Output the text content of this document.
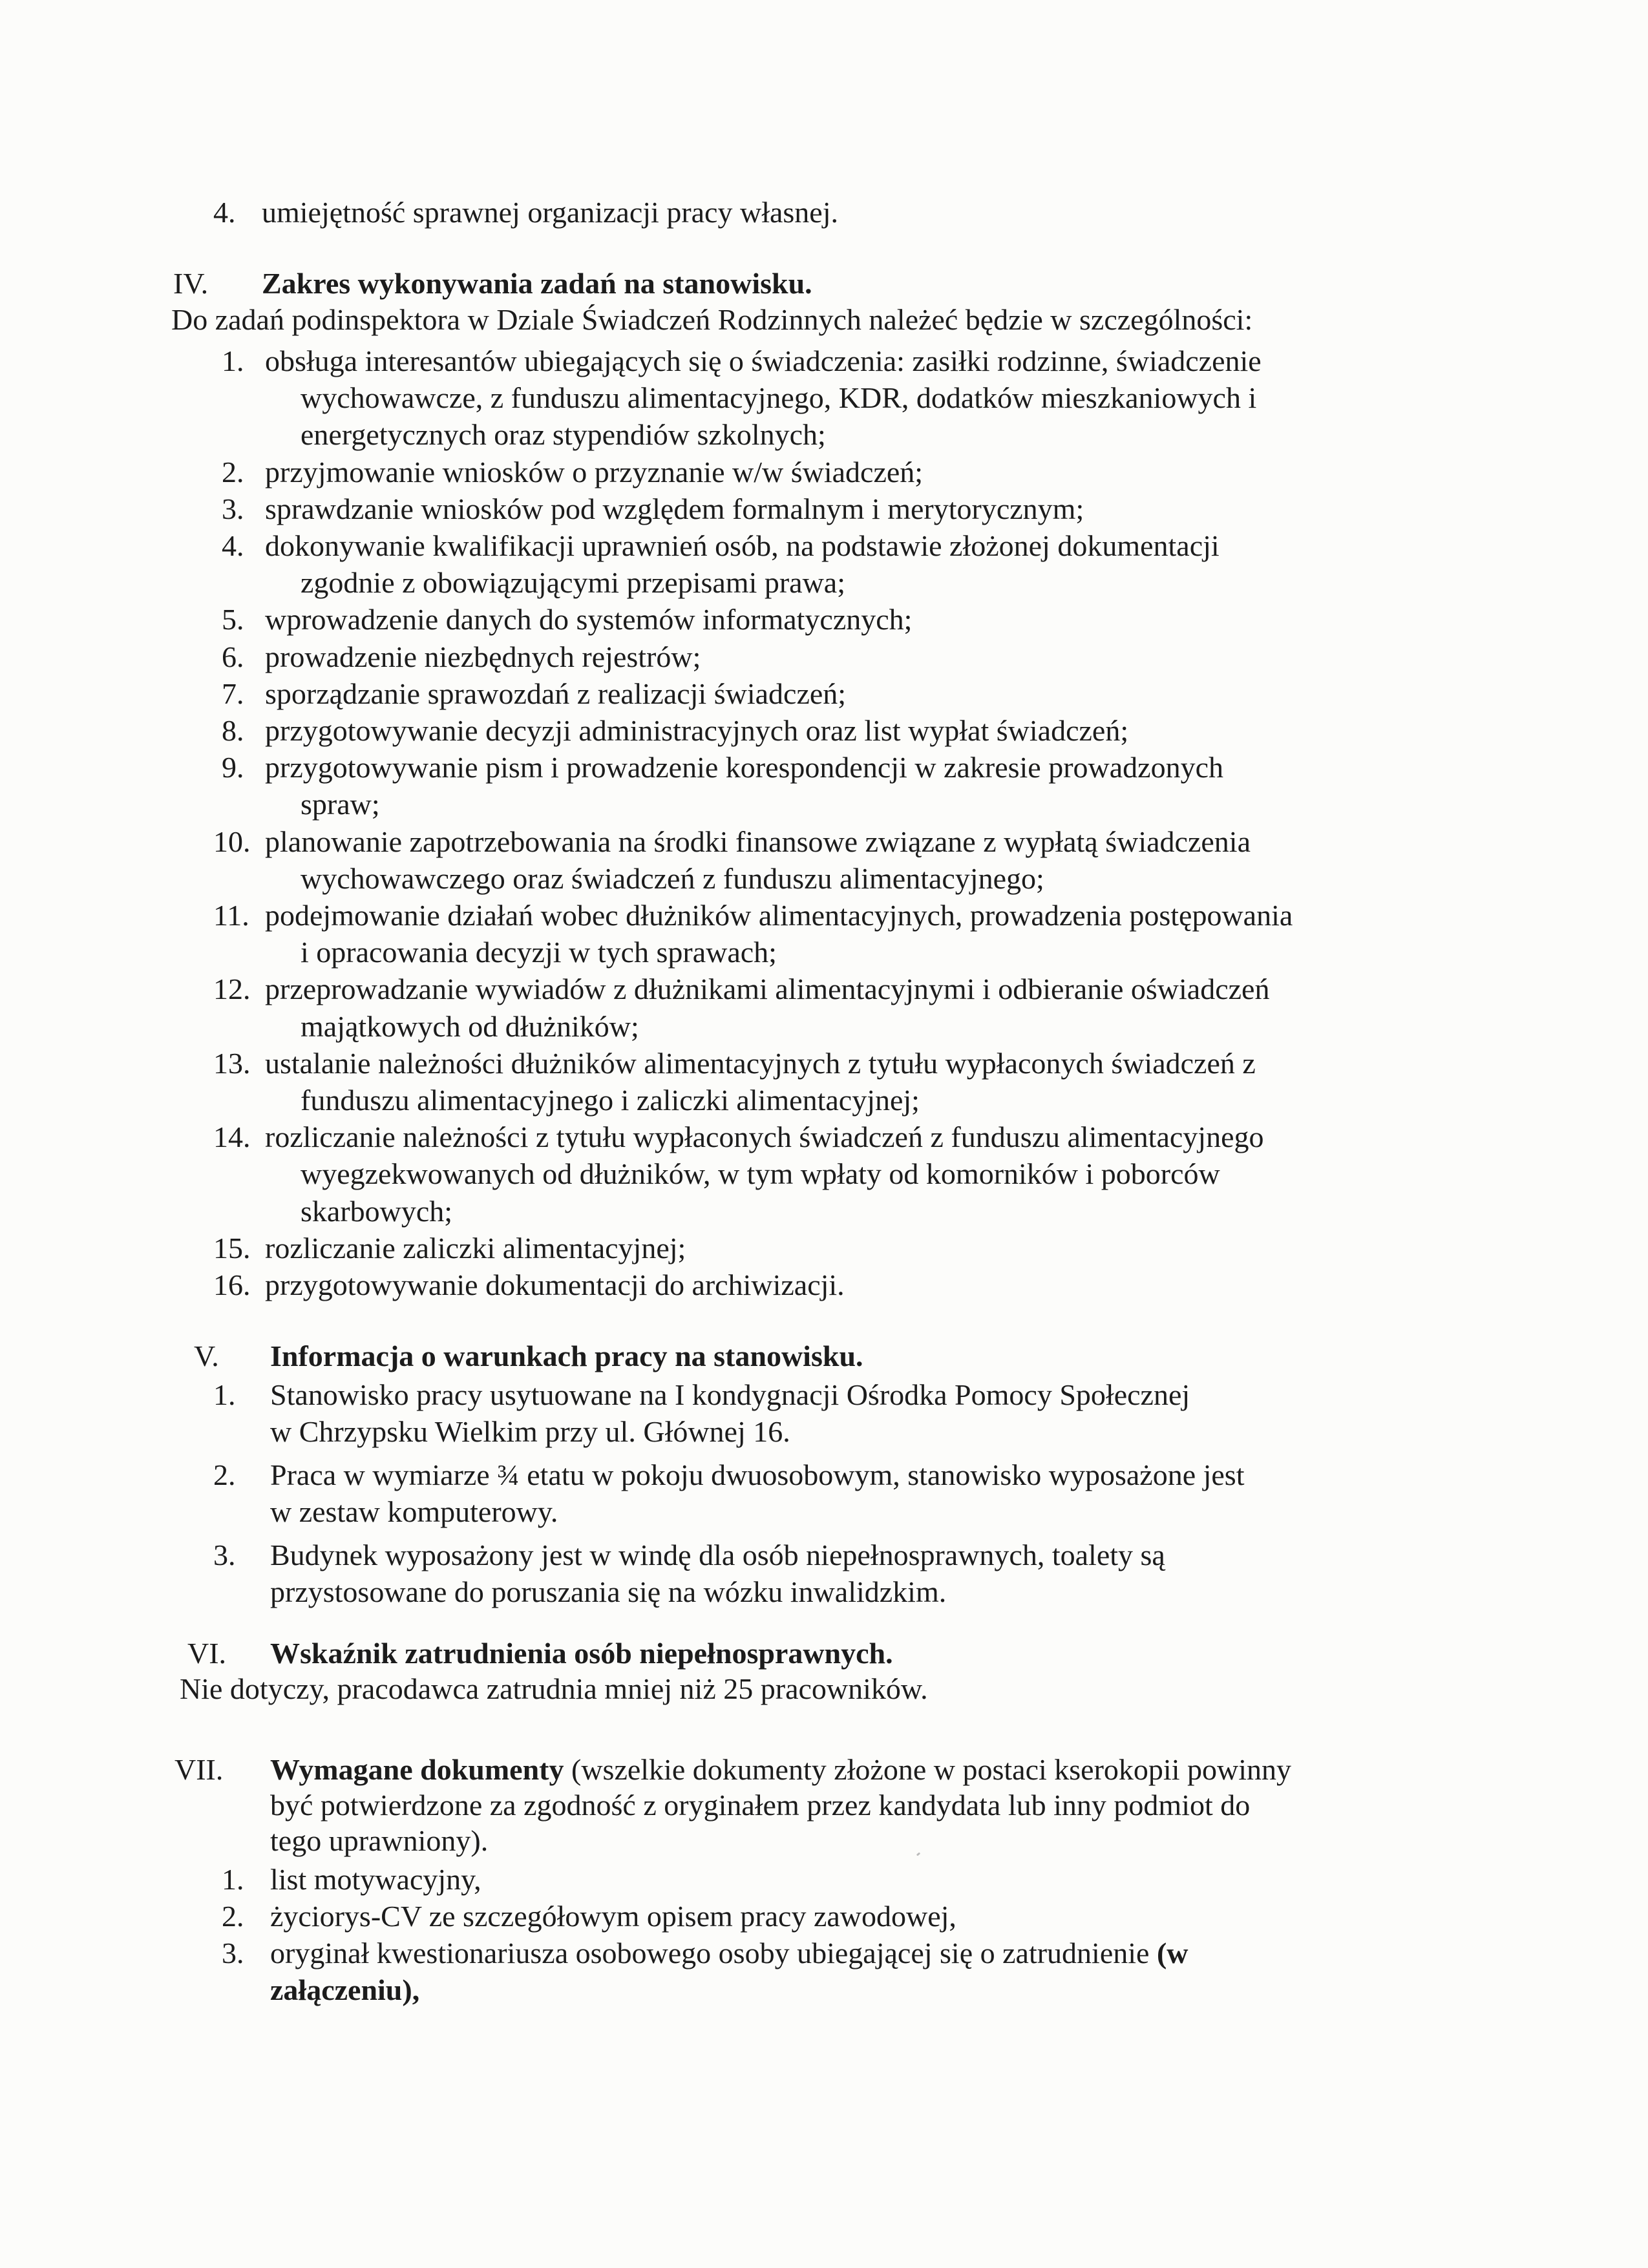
4. umiejętność sprawnej organizacji pracy własnej.
IV. Zakres wykonywania zadań na stanowisku.
Do zadań podinspektora w Dziale Świadczeń Rodzinnych należeć będzie w szczególności:
1. obsługa interesantów ubiegających się o świadczenia: zasiłki rodzinne, świadczenie
wychowawcze, z funduszu alimentacyjnego, KDR, dodatków mieszkaniowych i
energetycznych oraz stypendiów szkolnych;
2. przyjmowanie wniosków o przyznanie w/w świadczeń;
3. sprawdzanie wniosków pod względem formalnym i merytorycznym;
4. dokonywanie kwalifikacji uprawnień osób, na podstawie złożonej dokumentacji
zgodnie z obowiązującymi przepisami prawa;
5. wprowadzenie danych do systemów informatycznych;
6. prowadzenie niezbędnych rejestrów;
7. sporządzanie sprawozdań z realizacji świadczeń;
8. przygotowywanie decyzji administracyjnych oraz list wypłat świadczeń;
9. przygotowywanie pism i prowadzenie korespondencji w zakresie prowadzonych
spraw;
10. planowanie zapotrzebowania na środki finansowe związane z wypłatą świadczenia
wychowawczego oraz świadczeń z funduszu alimentacyjnego;
11. podejmowanie działań wobec dłużników alimentacyjnych, prowadzenia postępowania
i opracowania decyzji w tych sprawach;
12. przeprowadzanie wywiadów z dłużnikami alimentacyjnymi i odbieranie oświadczeń
majątkowych od dłużników;
13. ustalanie należności dłużników alimentacyjnych z tytułu wypłaconych świadczeń z
funduszu alimentacyjnego i zaliczki alimentacyjnej;
14. rozliczanie należności z tytułu wypłaconych świadczeń z funduszu alimentacyjnego
wyegzekwowanych od dłużników, w tym wpłaty od komorników i poborców
skarbowych;
15. rozliczanie zaliczki alimentacyjnej;
16. przygotowywanie dokumentacji do archiwizacji.
V. Informacja o warunkach pracy na stanowisku.
1. Stanowisko pracy usytuowane na I kondygnacji Ośrodka Pomocy Społecznej
w Chrzypsku Wielkim przy ul. Głównej 16.
2. Praca w wymiarze ¾ etatu w pokoju dwuosobowym, stanowisko wyposażone jest
w zestaw komputerowy.
3. Budynek wyposażony jest w windę dla osób niepełnosprawnych, toalety są
przystosowane do poruszania się na wózku inwalidzkim.
VI. Wskaźnik zatrudnienia osób niepełnosprawnych.
Nie dotyczy, pracodawca zatrudnia mniej niż 25 pracowników.
VII. Wymagane dokumenty (wszelkie dokumenty złożone w postaci kserokopii powinny
być potwierdzone za zgodność z oryginałem przez kandydata lub inny podmiot do
tego uprawniony).
1. list motywacyjny,
2. życiorys-CV ze szczegółowym opisem pracy zawodowej,
3. oryginał kwestionariusza osobowego osoby ubiegającej się o zatrudnienie (w
załączeniu),
